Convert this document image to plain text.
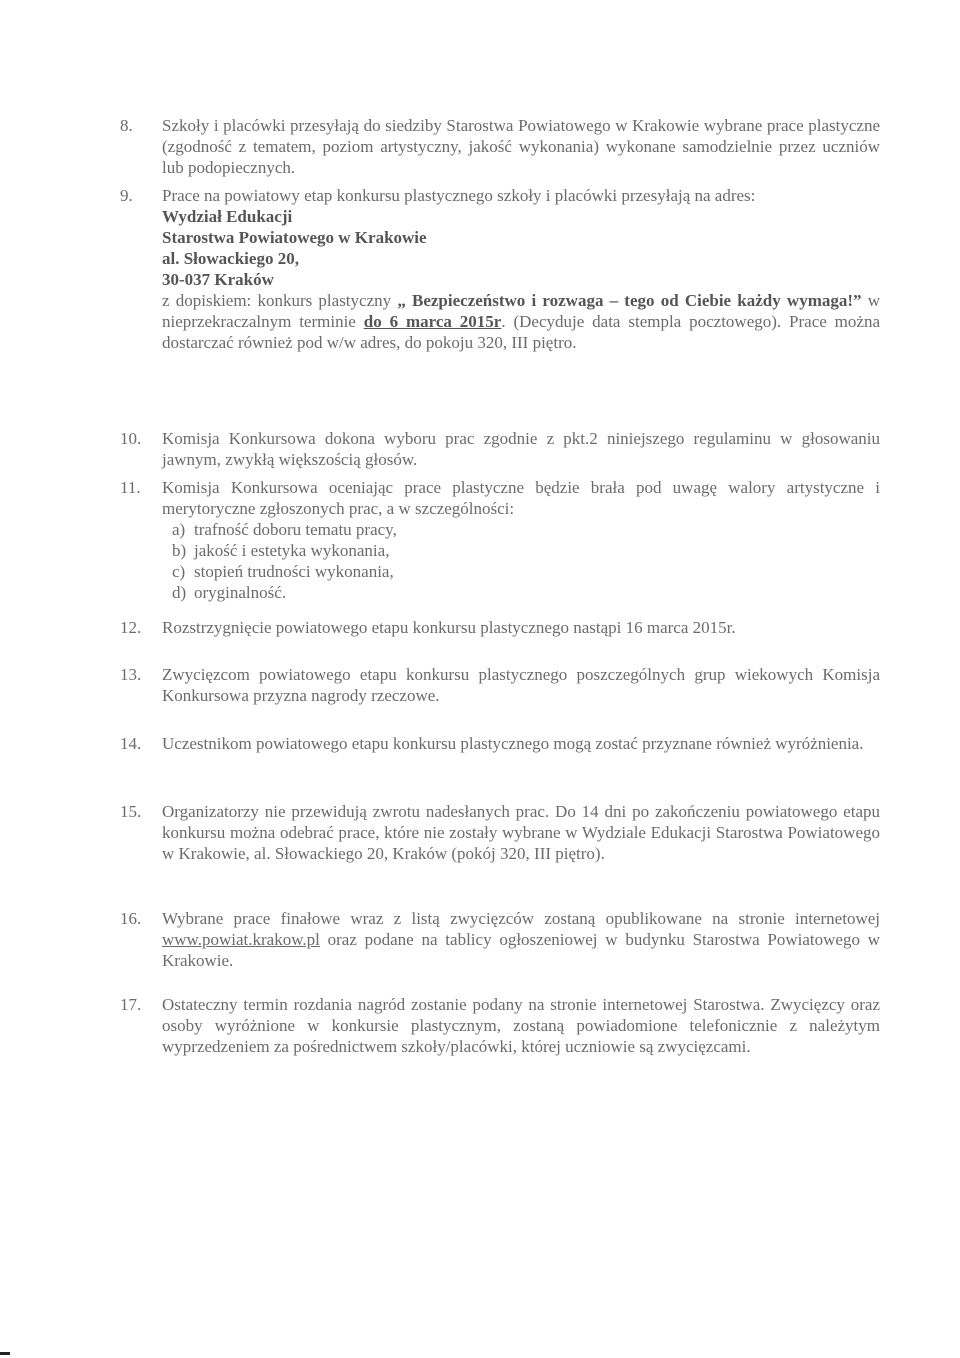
8. Szkoły i placówki przesyłają do siedziby Starostwa Powiatowego w Krakowie wybrane prace plastyczne (zgodność z tematem, poziom artystyczny, jakość wykonania) wykonane samodzielnie przez uczniów lub podopiecznych.

9. Prace na powiatowy etap konkursu plastycznego szkoły i placówki przesyłają na adres:

Wydział Edukacji

Starostwa Powiatowego w Krakowie

al. Słowackiego 20,

30-037 Kraków

z dopiskiem: konkurs plastyczny „ Bezpieczeństwo i rozwaga – tego od Ciebie każdy wymaga!” w nieprzekraczalnym terminie do 6 marca 2015r. (Decyduje data stempla pocztowego). Prace można dostarczać również pod w/w adres, do pokoju 320, III piętro.

10. Komisja Konkursowa dokona wyboru prac zgodnie z pkt.2 niniejszego regulaminu w głosowaniu jawnym, zwykłą większością głosów.

11. Komisja Konkursowa oceniając prace plastyczne będzie brała pod uwagę walory artystyczne i merytoryczne zgłoszonych prac, a w szczególności:

a) trafność doboru tematu pracy,
b) jakość i estetyka wykonania,
c) stopień trudności wykonania,
d) oryginalność.
12. Rozstrzygnięcie powiatowego etapu konkursu plastycznego nastąpi 16 marca 2015r.

13. Zwycięzcom powiatowego etapu konkursu plastycznego poszczególnych grup wiekowych Komisja Konkursowa przyzna nagrody rzeczowe.

14. Uczestnikom powiatowego etapu konkursu plastycznego mogą zostać przyznane również wyróżnienia.

15. Organizatorzy nie przewidują zwrotu nadesłanych prac. Do 14 dni po zakończeniu powiatowego etapu konkursu można odebrać prace, które nie zostały wybrane w Wydziale Edukacji Starostwa Powiatowego w Krakowie, al. Słowackiego 20, Kraków (pokój 320, III piętro).

16. Wybrane prace finałowe wraz z listą zwycięzców zostaną opublikowane na stronie internetowej www.powiat.krakow.pl oraz podane na tablicy ogłoszeniowej w budynku Starostwa Powiatowego w Krakowie.

17. Ostateczny termin rozdania nagród zostanie podany na stronie internetowej Starostwa. Zwycięzcy oraz osoby wyróżnione w konkursie plastycznym, zostaną powiadomione telefonicznie z należytym wyprzedzeniem za pośrednictwem szkoły/placówki, której uczniowie są zwycięzcami.
